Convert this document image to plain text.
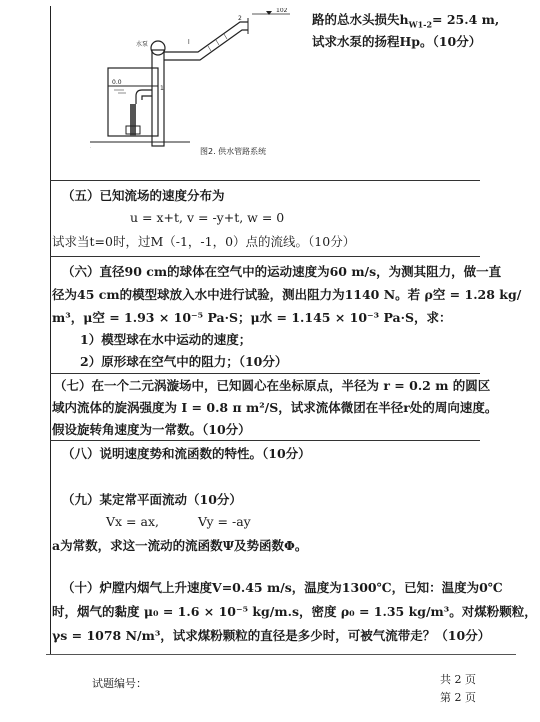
102
水泵	l
2
0.0
1
图2. 供水管路系统
路的总水头损失$h_{W1-2}= 25.4$ m,
试求水泵的扬程Hp。（10分）
（五）已知流场的速度分布为
u = x+t, v = -y+t, w = 0
试求当t=0时，过M（-1，-1，0）点的流线。（10分）
（六）直径90 cm的球体在空气中的运动速度为60 m/s，为测其阻力，做一直
径为45 cm的模型球放入水中进行试验，测出阻力为1140 N。若 ρ空 = 1.28 kg/
m³，μ空 = 1.93 × 10⁻⁵ Pa·S；μ水 = 1.145 × 10⁻³ Pa·S，求：
1）模型球在水中运动的速度；
2）原形球在空气中的阻力；（10分）
（七）在一个二元涡漩场中，已知圆心在坐标原点，半径为 r = 0.2 m 的圆区
域内流体的旋涡强度为 I = 0.8 π m²/S，试求流体微团在半径r处的周向速度。
假设旋转角速度为一常数。（10分）
（八）说明速度势和流函数的特性。（10分）
（九）某定常平面流动（10分）
Vx = ax,	Vy = -ay
a为常数，求这一流动的流函数Ψ及势函数Φ。
（十）炉膛内烟气上升速度V=0.45 m/s，温度为1300℃，已知：温度为0℃
时，烟气的黏度 μ₀ = 1.6 × 10⁻⁵ kg/m.s，密度 ρ₀ = 1.35 kg/m³。对煤粉颗粒，
γs = 1078 N/m³，试求煤粉颗粒的直径是多少时，可被气流带走？（10分）
试题编号：	共 2 页
第 2 页
